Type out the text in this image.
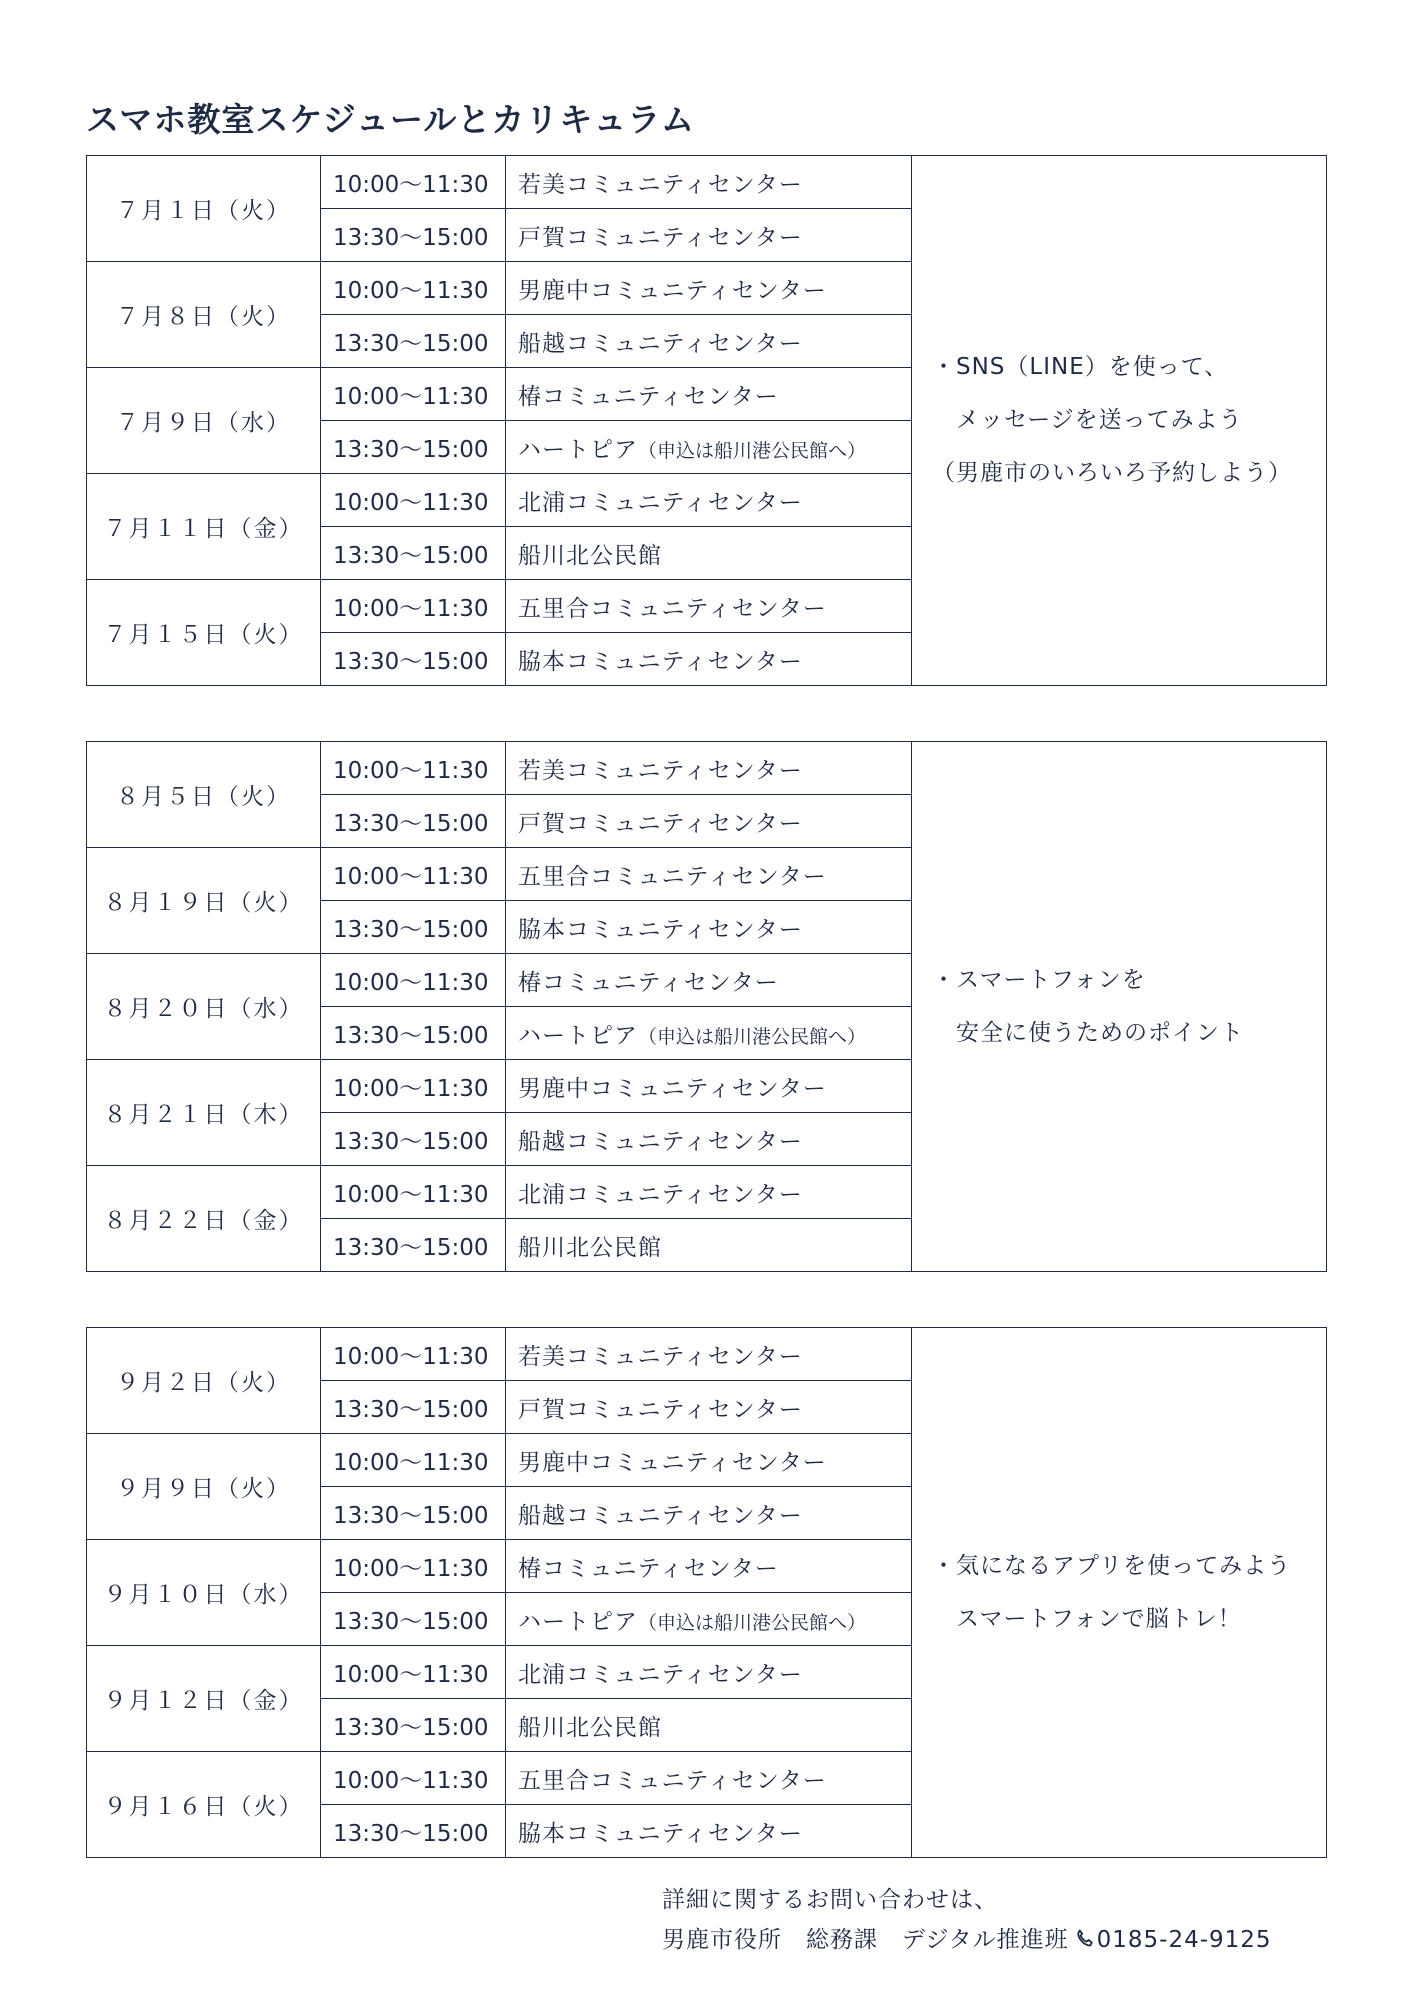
スマホ教室スケジュールとカリキュラム
７月１日（火）	10:00～11:30	若美コミュニティセンター	・SNS（LINE）を使って、
　メッセージを送ってみよう
（男鹿市のいろいろ予約しよう）

	13:30～15:00	戸賀コミュニティセンター	
７月８日（火）	10:00～11:30	男鹿中コミュニティセンター	
	13:30～15:00	船越コミュニティセンター	
７月９日（水）	10:00～11:30	椿コミュニティセンター	
	13:30～15:00	ハートピア（申込は船川港公民館へ）	
７月１１日（金）	10:00～11:30	北浦コミュニティセンター	
	13:30～15:00	船川北公民館	
７月１５日（火）	10:00～11:30	五里合コミュニティセンター	
	13:30～15:00	脇本コミュニティセンター	
８月５日（火）	10:00～11:30	若美コミュニティセンター	・スマートフォンを
　安全に使うためのポイント

	13:30～15:00	戸賀コミュニティセンター	
８月１９日（火）	10:00～11:30	五里合コミュニティセンター	
	13:30～15:00	脇本コミュニティセンター	
８月２０日（水）	10:00～11:30	椿コミュニティセンター	
	13:30～15:00	ハートピア（申込は船川港公民館へ）	
８月２１日（木）	10:00～11:30	男鹿中コミュニティセンター	
	13:30～15:00	船越コミュニティセンター	
８月２２日（金）	10:00～11:30	北浦コミュニティセンター	
	13:30～15:00	船川北公民館	
９月２日（火）	10:00～11:30	若美コミュニティセンター	・気になるアプリを使ってみよう
　スマートフォンで脳トレ！

	13:30～15:00	戸賀コミュニティセンター	
９月９日（火）	10:00～11:30	男鹿中コミュニティセンター	
	13:30～15:00	船越コミュニティセンター	
９月１０日（水）	10:00～11:30	椿コミュニティセンター	
	13:30～15:00	ハートピア（申込は船川港公民館へ）	
９月１２日（金）	10:00～11:30	北浦コミュニティセンター	
	13:30～15:00	船川北公民館	
９月１６日（火）	10:00～11:30	五里合コミュニティセンター	
	13:30～15:00	脇本コミュニティセンター	
詳細に関するお問い合わせは、
男鹿市役所　総務課　デジタル推進班 0185-24-9125
